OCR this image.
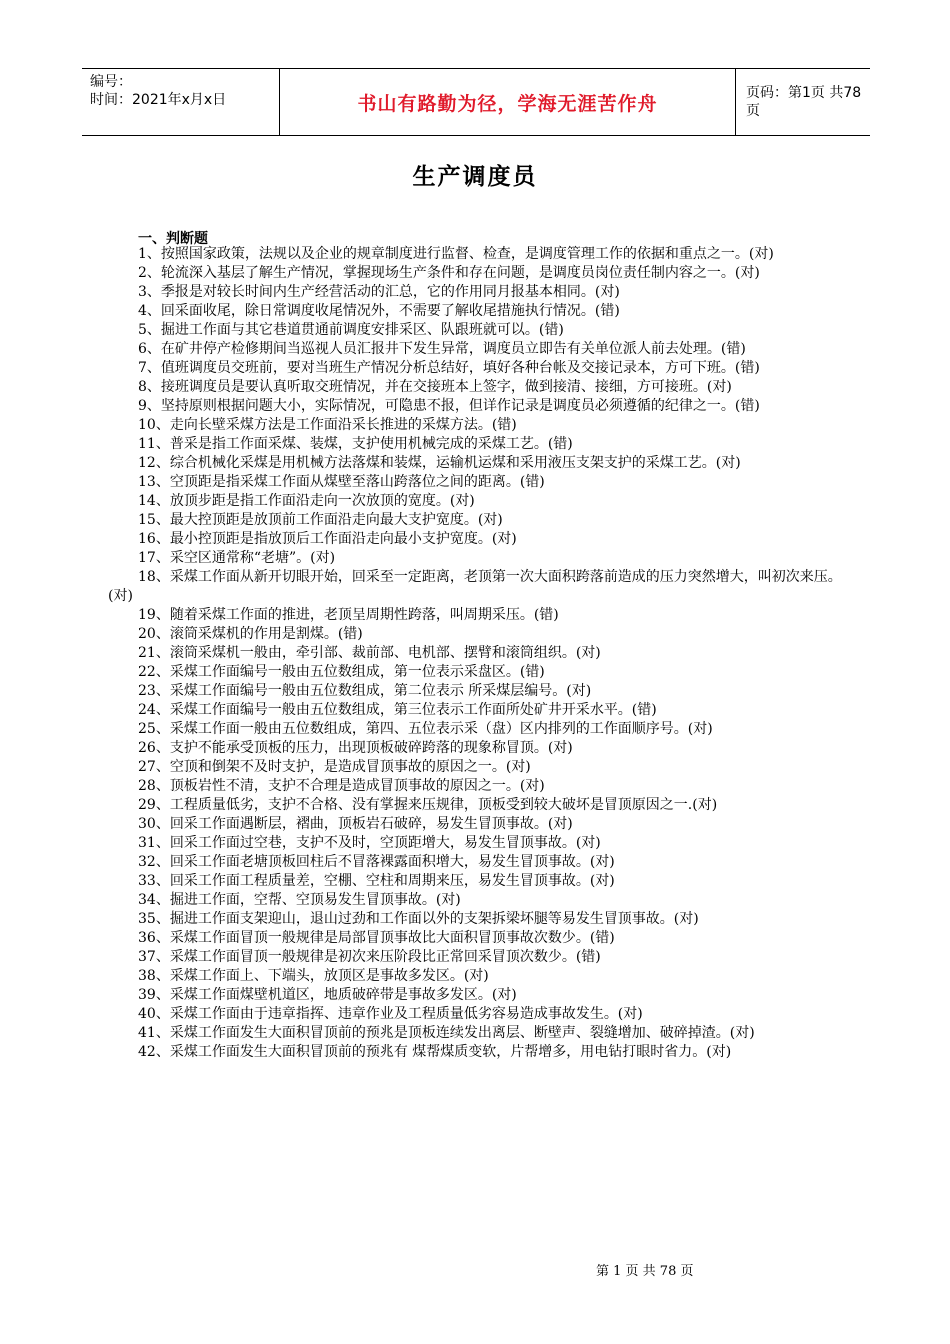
编号：
时间：2021年x月x日	书山有路勤为径，学海无涯苦作舟	页码：第1页 共78页
生产调度员
一、判断题

1、按照国家政策，法规以及企业的规章制度进行监督、检查，是调度管理工作的依据和重点之一。(对)

2、轮流深入基层了解生产情况，掌握现场生产条件和存在问题，是调度员岗位责任制内容之一。(对)

3、季报是对较长时间内生产经营活动的汇总，它的作用同月报基本相同。(对)

4、回采面收尾，除日常调度收尾情况外，不需要了解收尾措施执行情况。(错)

5、掘进工作面与其它巷道贯通前调度安排采区、队跟班就可以。(错)

6、在矿井停产检修期间当巡视人员汇报井下发生异常，调度员立即告有关单位派人前去处理。(错)

7、值班调度员交班前，要对当班生产情况分析总结好，填好各种台帐及交接记录本，方可下班。(错)

8、接班调度员是要认真听取交班情况，并在交接班本上签字，做到接清、接细，方可接班。(对)

9、坚持原则根据问题大小，实际情况，可隐患不报，但详作记录是调度员必须遵循的纪律之一。(错)

10、走向长壁采煤方法是工作面沿采长推进的采煤方法。(错)

11、普采是指工作面采煤、装煤，支护使用机械完成的采煤工艺。(错)

12、综合机械化采煤是用机械方法落煤和装煤，运输机运煤和采用液压支架支护的采煤工艺。(对)

13、空顶距是指采煤工作面从煤壁至落山跨落位之间的距离。(错)

14、放顶步距是指工作面沿走向一次放顶的宽度。(对)

15、最大控顶距是放顶前工作面沿走向最大支护宽度。(对)

16、最小控顶距是指放顶后工作面沿走向最小支护宽度。(对)

17、采空区通常称“老塘”。(对)

18、采煤工作面从新开切眼开始，回采至一定距离，老顶第一次大面积跨落前造成的压力突然增大，叫初次来压。(对)

19、随着采煤工作面的推进，老顶呈周期性跨落，叫周期采压。(错)

20、滚筒采煤机的作用是割煤。(错)

21、滚筒采煤机一般由，牵引部、裁前部、电机部、摆臂和滚筒组织。(对)

22、采煤工作面编号一般由五位数组成，第一位表示采盘区。(错)

23、采煤工作面编号一般由五位数组成，第二位表示 所采煤层编号。(对)

24、采煤工作面编号一般由五位数组成，第三位表示工作面所处矿井开采水平。(错)

25、采煤工作面一般由五位数组成，第四、五位表示采（盘）区内排列的工作面顺序号。(对)

26、支护不能承受顶板的压力，出现顶板破碎跨落的现象称冒顶。(对)

27、空顶和倒架不及时支护，是造成冒顶事故的原因之一。(对)

28、顶板岩性不清，支护不合理是造成冒顶事故的原因之一。(对)

29、工程质量低劣，支护不合格、没有掌握来压规律，顶板受到较大破坏是冒顶原因之一.(对)

30、回采工作面遇断层，褶曲，顶板岩石破碎，易发生冒顶事故。(对)

31、回采工作面过空巷，支护不及时，空顶距增大，易发生冒顶事故。(对)

32、回采工作面老塘顶板回柱后不冒落裸露面积增大，易发生冒顶事故。(对)

33、回采工作面工程质量差，空棚、空柱和周期来压，易发生冒顶事故。(对)

34、掘进工作面，空帮、空顶易发生冒顶事故。(对)

35、掘进工作面支架迎山，退山过劲和工作面以外的支架拆梁坏腿等易发生冒顶事故。(对)

36、采煤工作面冒顶一般规律是局部冒顶事故比大面积冒顶事故次数少。(错)

37、采煤工作面冒顶一般规律是初次来压阶段比正常回采冒顶次数少。(错)

38、采煤工作面上、下端头，放顶区是事故多发区。(对)

39、采煤工作面煤壁机道区，地质破碎带是事故多发区。(对)

40、采煤工作面由于违章指挥、违章作业及工程质量低劣容易造成事故发生。(对)

41、采煤工作面发生大面积冒顶前的预兆是顶板连续发出离层、断壁声、裂缝增加、破碎掉渣。(对)

42、采煤工作面发生大面积冒顶前的预兆有 煤帮煤质变软，片帮增多，用电钻打眼时省力。(对)

第 1 页 共 78 页
